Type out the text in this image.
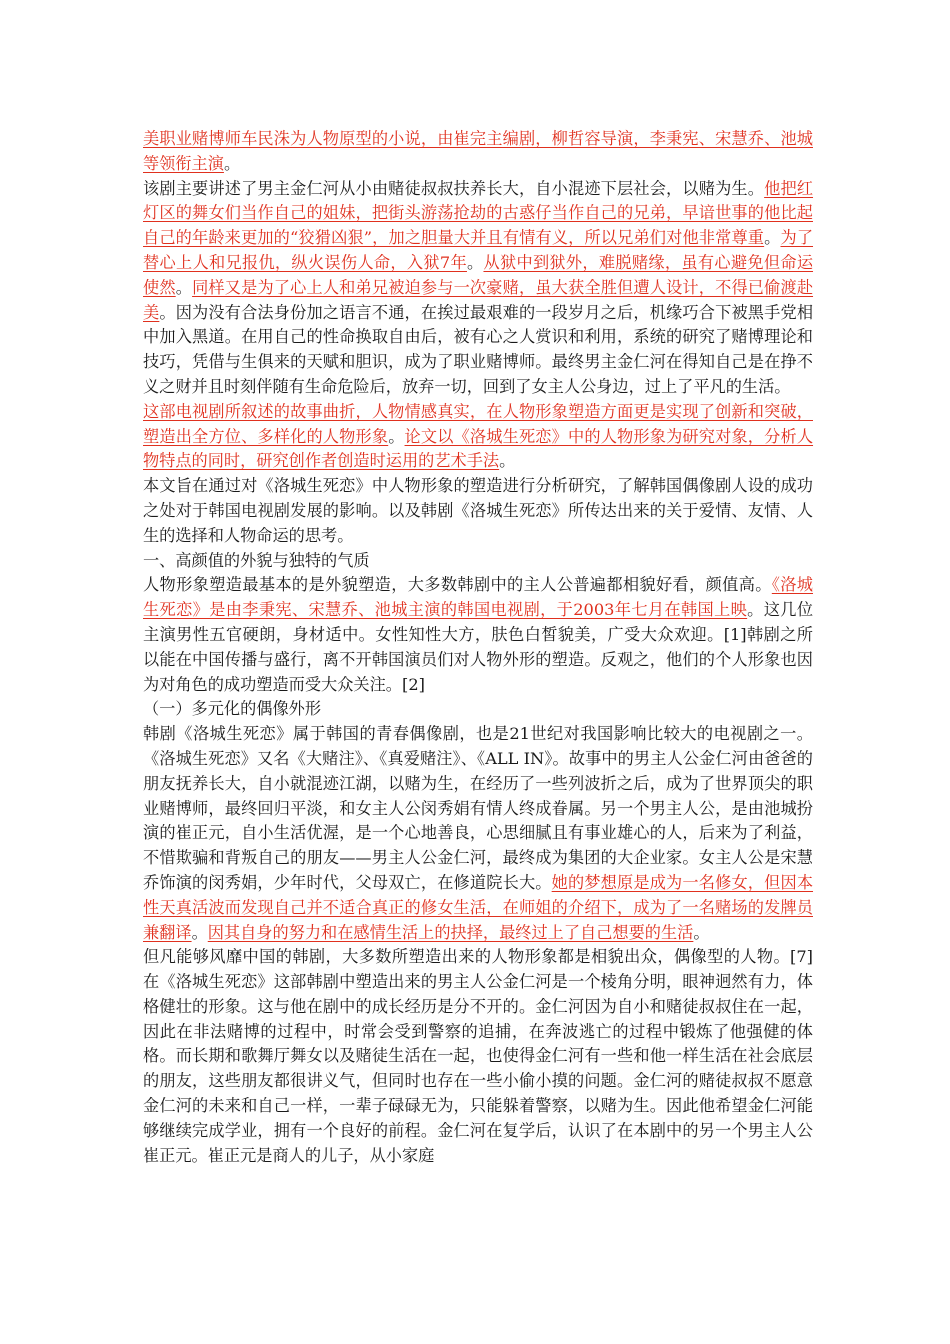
美职业赌博师车民洙为人物原型的小说，由崔完主编剧，柳哲容导演，李秉宪、宋慧乔、池城等领衔主演。

该剧主要讲述了男主金仁河从小由赌徒叔叔扶养长大，自小混迹下层社会，以赌为生。他把红灯区的舞女们当作自己的姐妹，把街头游荡抢劫的古惑仔当作自己的兄弟，早谙世事的他比起自己的年龄来更加的“狡猾凶狠”，加之胆量大并且有情有义，所以兄弟们对他非常尊重。为了替心上人和兄报仇，纵火误伤人命，入狱7年。从狱中到狱外，难脱赌缘，虽有心避免但命运使然。同样又是为了心上人和弟兄被迫参与一次豪赌，虽大获全胜但遭人设计，不得已偷渡赴美。因为没有合法身份加之语言不通，在挨过最艰难的一段岁月之后，机缘巧合下被黑手党相中加入黑道。在用自己的性命换取自由后，被有心之人赏识和利用，系统的研究了赌博理论和技巧，凭借与生俱来的天赋和胆识，成为了职业赌博师。最终男主金仁河在得知自己是在挣不义之财并且时刻伴随有生命危险后，放弃一切，回到了女主人公身边，过上了平凡的生活。

这部电视剧所叙述的故事曲折，人物情感真实，在人物形象塑造方面更是实现了创新和突破，塑造出全方位、多样化的人物形象。论文以《洛城生死恋》中的人物形象为研究对象，分析人物特点的同时，研究创作者创造时运用的艺术手法。

本文旨在通过对《洛城生死恋》中人物形象的塑造进行分析研究，了解韩国偶像剧人设的成功之处对于韩国电视剧发展的影响。以及韩剧《洛城生死恋》所传达出来的关于爱情、友情、人生的选择和人物命运的思考。

一、高颜值的外貌与独特的气质

人物形象塑造最基本的是外貌塑造，大多数韩剧中的主人公普遍都相貌好看，颜值高。《洛城生死恋》是由李秉宪、宋慧乔、池城主演的韩国电视剧，于2003年七月在韩国上映。这几位主演男性五官硬朗，身材适中。女性知性大方，肤色白皙貌美，广受大众欢迎。[1]韩剧之所以能在中国传播与盛行，离不开韩国演员们对人物外形的塑造。反观之，他们的个人形象也因为对角色的成功塑造而受大众关注。[2]

（一）多元化的偶像外形

韩剧《洛城生死恋》属于韩国的青春偶像剧，也是21世纪对我国影响比较大的电视剧之一。《洛城生死恋》又名《大赌注》、《真爱赌注》、《ALL IN》。故事中的男主人公金仁河由爸爸的朋友抚养长大，自小就混迹江湖，以赌为生，在经历了一些列波折之后，成为了世界顶尖的职业赌博师，最终回归平淡，和女主人公闵秀娟有情人终成眷属。另一个男主人公，是由池城扮演的崔正元，自小生活优渥，是一个心地善良，心思细腻且有事业雄心的人，后来为了利益，不惜欺骗和背叛自己的朋友——男主人公金仁河，最终成为集团的大企业家。女主人公是宋慧乔饰演的闵秀娟，少年时代，父母双亡，在修道院长大。她的梦想原是成为一名修女，但因本性天真活波而发现自己并不适合真正的修女生活，在师姐的介绍下，成为了一名赌场的发牌员兼翻译。因其自身的努力和在感情生活上的抉择，最终过上了自己想要的生活。

但凡能够风靡中国的韩剧，大多数所塑造出来的人物形象都是相貌出众，偶像型的人物。[7]在《洛城生死恋》这部韩剧中塑造出来的男主人公金仁河是一个棱角分明，眼神迥然有力，体格健壮的形象。这与他在剧中的成长经历是分不开的。金仁河因为自小和赌徒叔叔住在一起，因此在非法赌博的过程中，时常会受到警察的追捕，在奔波逃亡的过程中锻炼了他强健的体格。而长期和歌舞厅舞女以及赌徒生活在一起，也使得金仁河有一些和他一样生活在社会底层的朋友，这些朋友都很讲义气，但同时也存在一些小偷小摸的问题。金仁河的赌徒叔叔不愿意金仁河的未来和自己一样，一辈子碌碌无为，只能躲着警察，以赌为生。因此他希望金仁河能够继续完成学业，拥有一个良好的前程。金仁河在复学后，认识了在本剧中的另一个男主人公崔正元。崔正元是商人的儿子，从小家庭
